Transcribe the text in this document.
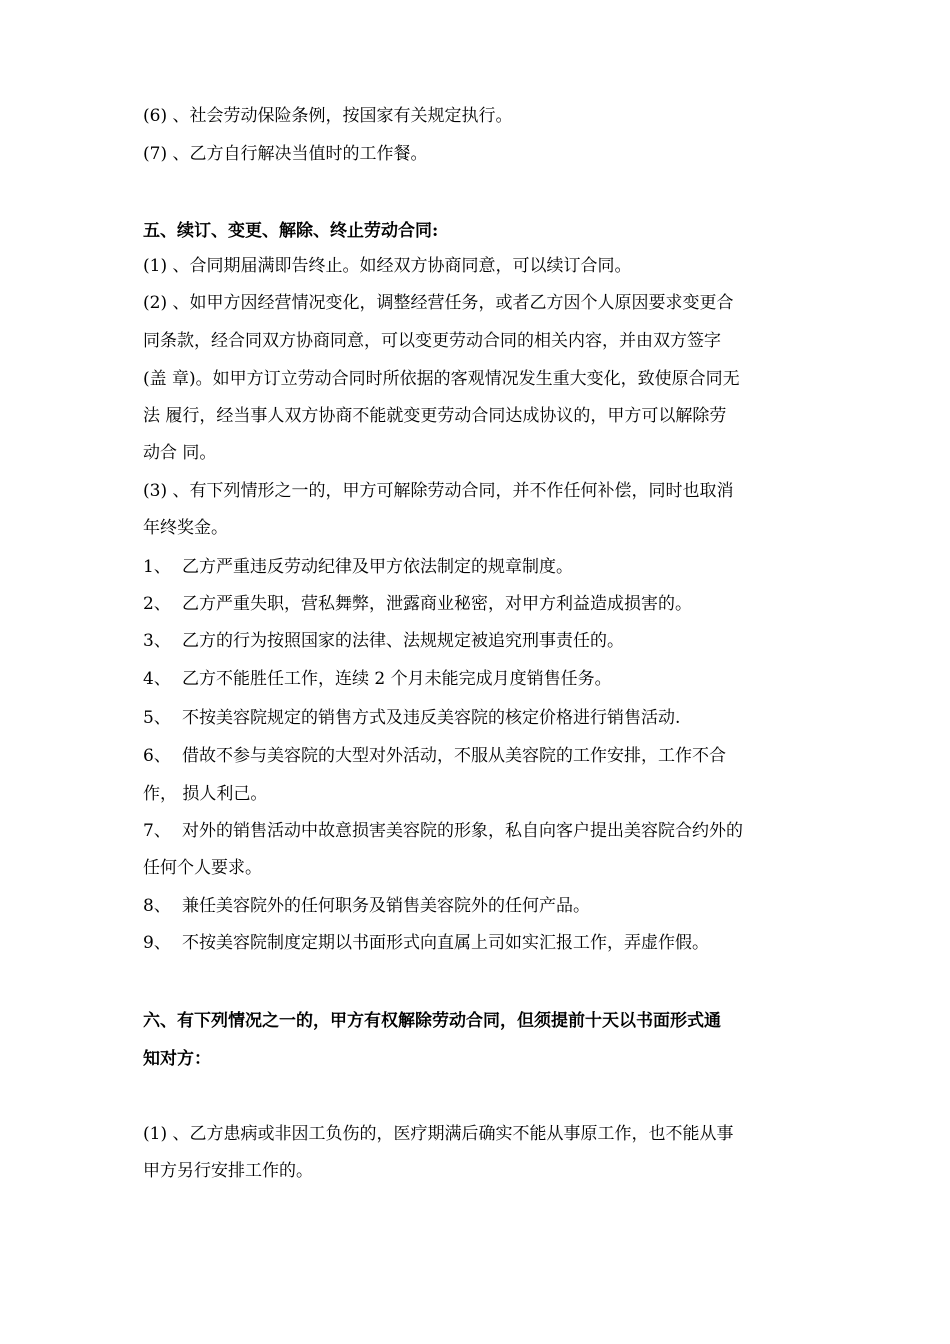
(6) 、社会劳动保险条例，按国家有关规定执行。
(7) 、乙方自行解决当值时的工作餐。
五、续订、变更、解除、终止劳动合同:
(1) 、合同期届满即告终止。如经双方协商同意，可以续订合同。
(2) 、如甲方因经营情况变化，调整经营任务，或者乙方因个人原因要求变更合
同条款，经合同双方协商同意，可以变更劳动合同的相关内容，并由双方签字
(盖 章)。如甲方订立劳动合同时所依据的客观情况发生重大变化，致使原合同无
法 履行，经当事人双方协商不能就变更劳动合同达成协议的，甲方可以解除劳
动合 同。
(3) 、有下列情形之一的，甲方可解除劳动合同，并不作任何补偿，同时也取消
年终奖金。
1、 乙方严重违反劳动纪律及甲方依法制定的规章制度。
2、 乙方严重失职，营私舞弊，泄露商业秘密，对甲方利益造成损害的。
3、 乙方的行为按照国家的法律、法规规定被追究刑事责任的。
4、 乙方不能胜任工作，连续 2 个月未能完成月度销售任务。
5、 不按美容院规定的销售方式及违反美容院的核定价格进行销售活动.
6、 借故不参与美容院的大型对外活动，不服从美容院的工作安排，工作不合
作， 损人利己。
7、 对外的销售活动中故意损害美容院的形象，私自向客户提出美容院合约外的
任何个人要求。
8、 兼任美容院外的任何职务及销售美容院外的任何产品。
9、 不按美容院制度定期以书面形式向直属上司如实汇报工作，弄虚作假。
六、有下列情况之一的，甲方有权解除劳动合同，但须提前十天以书面形式通
知对方：
(1) 、乙方患病或非因工负伤的，医疗期满后确实不能从事原工作，也不能从事
甲方另行安排工作的。
